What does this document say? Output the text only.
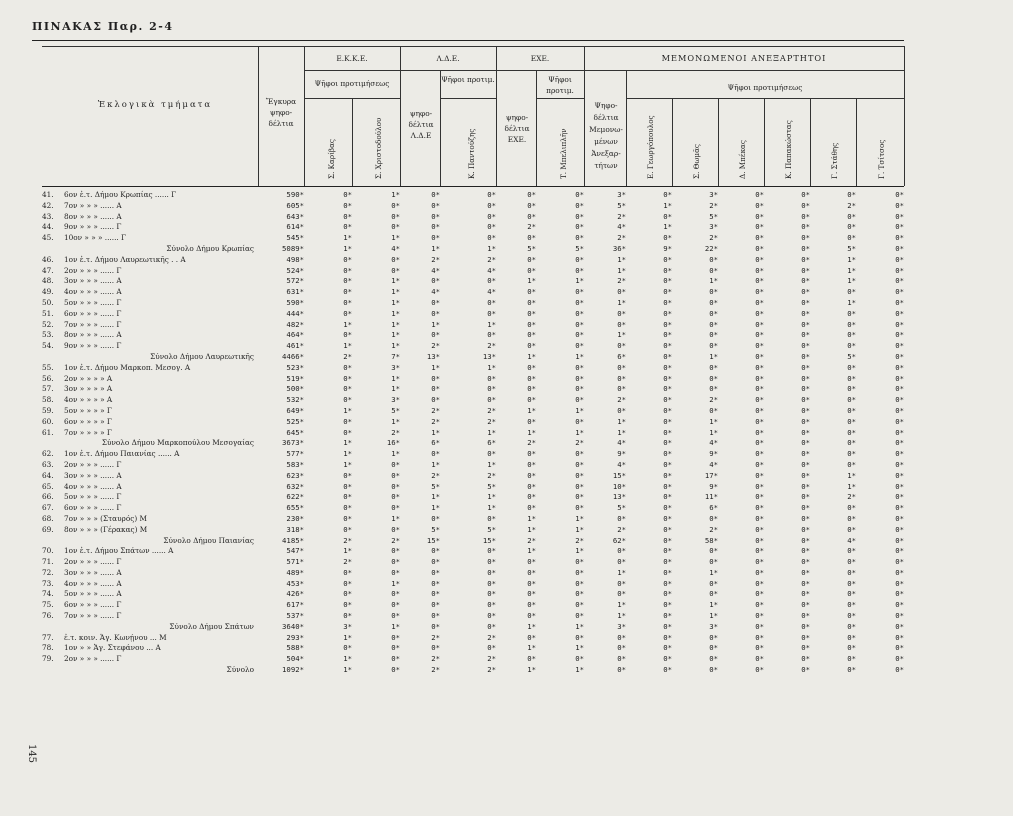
ΠΙΝΑΚΑΣ Παρ. 2-4
145
Ἐκλογικὰ τμήματα	Ἔγκυρα ψηφο-δέλτια
Ε.Κ.Κ.Ε.
Ψῆφοι προτιμήσεως
Σ. Καρίβας	Σ. Χριστοδούλου
Λ.Δ.Ε.
ψηφο-δέλτια Λ.Δ.Ε
Ψῆφοι προτιμ.
Κ. Παντούζης
ΕΧΕ.
ψηφο-δέλτια ΕΧΕ.
Ψῆφοι προτιμ.
Τ. Μπελιπλῆν
ΜΕΜΟΝΩΜΕΝΟΙ ΑΝΕΞΑΡΤΗΤΟΙ
Ψηφο-δέλτια Μεμονω-μένων Ἀνεξαρ-τήτων
Ψῆφοι προτιμήσεως
Ε. Γεωργόπουλος	Σ. Θωμᾶς	Δ. Μπέκας	Κ. Παπακώστας	Γ. Στάθης	Γ. Τσίτσος
41. 6ον ἐ.τ. Δήμου Κρωπίας ...... Γ	590*	0*	1*	0*	0*	0*	0*	3*	0*	3*	0*	0*	0*	0*
42. 7ον » » » ...... Α	605*	0*	0*	0*	0*	0*	0*	5*	1*	2*	0*	0*	2*	0*
43. 8ον » » » ...... Α	643*	0*	0*	0*	0*	0*	0*	2*	0*	5*	0*	0*	0*	0*
44. 9ον » » » ...... Γ	614*	0*	0*	0*	0*	2*	0*	4*	1*	3*	0*	0*	0*	0*
45. 10ον » » » ...... Γ	545*	1*	1*	0*	0*	0*	0*	2*	0*	2*	0*	0*	0*	0*
Σύνολο Δήμου Κρωπίας	5089*	1*	4*	1*	1*	5*	5*	36*	9*	22*	0*	0*	5*	0*
46. 1ον ἐ.τ. Δήμου Λαυρεωτικῆς . . Α	498*	0*	0*	2*	2*	0*	0*	1*	0*	0*	0*	0*	1*	0*
47. 2ον » » » ...... Γ	524*	0*	0*	4*	4*	0*	0*	1*	0*	0*	0*	0*	1*	0*
48. 3ον » » » ...... Α	572*	0*	1*	0*	0*	1*	1*	2*	0*	1*	0*	0*	1*	0*
49. 4ον » » » ...... Α	631*	0*	1*	4*	4*	0*	0*	0*	0*	0*	0*	0*	0*	0*
50. 5ον » » » ...... Γ	590*	0*	1*	0*	0*	0*	0*	1*	0*	0*	0*	0*	1*	0*
51. 6ον » » » ...... Γ	444*	0*	1*	0*	0*	0*	0*	0*	0*	0*	0*	0*	0*	0*
52. 7ον » » » ...... Γ	482*	1*	1*	1*	1*	0*	0*	0*	0*	0*	0*	0*	0*	0*
53. 8ον » » » ...... Α	464*	0*	1*	0*	0*	0*	0*	1*	0*	0*	0*	0*	0*	0*
54. 9ον » » » ...... Γ	461*	1*	1*	2*	2*	0*	0*	0*	0*	0*	0*	0*	0*	0*
Σύνολο Δήμου Λαυρεωτικῆς	4466*	2*	7*	13*	13*	1*	1*	6*	0*	1*	0*	0*	5*	0*
55. 1ον ἐ.τ. Δήμου Μαρκοπ. Μεσογ. Α	523*	0*	3*	1*	1*	0*	0*	0*	0*	0*	0*	0*	0*	0*
56. 2ον » » » » Α	519*	0*	1*	0*	0*	0*	0*	0*	0*	0*	0*	0*	0*	0*
57. 3ον » » » » Α	500*	0*	1*	0*	0*	0*	0*	0*	0*	0*	0*	0*	0*	0*
58. 4ον » » » » Α	532*	0*	3*	0*	0*	0*	0*	2*	0*	2*	0*	0*	0*	0*
59. 5ον » » » » Γ	649*	1*	5*	2*	2*	1*	1*	0*	0*	0*	0*	0*	0*	0*
60. 6ον » » » » Γ	525*	0*	1*	2*	2*	0*	0*	1*	0*	1*	0*	0*	0*	0*
61. 7ον » » » » Γ	645*	0*	2*	1*	1*	1*	1*	1*	0*	1*	0*	0*	0*	0*
Σύνολο Δήμου Μαρκοπούλου Μεσογαίας	3673*	1*	16*	6*	6*	2*	2*	4*	0*	4*	0*	0*	0*	0*
62. 1ον ἐ.τ. Δήμου Παιανίας ...... Α	577*	1*	1*	0*	0*	0*	0*	9*	0*	9*	0*	0*	0*	0*
63. 2ον » » » ...... Γ	583*	1*	0*	1*	1*	0*	0*	4*	0*	4*	0*	0*	0*	0*
64. 3ον » » » ...... Α	623*	0*	0*	2*	2*	0*	0*	15*	0*	17*	0*	0*	1*	0*
65. 4ον » » » ...... Α	632*	0*	0*	5*	5*	0*	0*	10*	0*	9*	0*	0*	1*	0*
66. 5ον » » » ...... Γ	622*	0*	0*	1*	1*	0*	0*	13*	0*	11*	0*	0*	2*	0*
67. 6ον » » » ...... Γ	655*	0*	0*	1*	1*	0*	0*	5*	0*	6*	0*	0*	0*	0*
68. 7ον » » » (Σταυρός) Μ	230*	0*	1*	0*	0*	1*	1*	0*	0*	0*	0*	0*	0*	0*
69. 8ον » » » (Γέρακας) Μ	318*	0*	0*	5*	5*	1*	1*	2*	0*	2*	0*	0*	0*	0*
Σύνολο Δήμου Παιανίας	4185*	2*	2*	15*	15*	2*	2*	62*	0*	58*	0*	0*	4*	0*
70. 1ον ἐ.τ. Δήμου Σπάτων ...... Α	547*	1*	0*	0*	0*	1*	1*	0*	0*	0*	0*	0*	0*	0*
71. 2ον » » » ...... Γ	571*	2*	0*	0*	0*	0*	0*	0*	0*	0*	0*	0*	0*	0*
72. 3ον » » » ...... Α	489*	0*	0*	0*	0*	0*	0*	1*	0*	1*	0*	0*	0*	0*
73. 4ον » » » ...... Α	453*	0*	1*	0*	0*	0*	0*	0*	0*	0*	0*	0*	0*	0*
74. 5ον » » » ...... Α	426*	0*	0*	0*	0*	0*	0*	0*	0*	0*	0*	0*	0*	0*
75. 6ον » » » ...... Γ	617*	0*	0*	0*	0*	0*	0*	1*	0*	1*	0*	0*	0*	0*
76. 7ον » » » ...... Γ	537*	0*	0*	0*	0*	0*	0*	1*	0*	1*	0*	0*	0*	0*
Σύνολο Δήμου Σπάτων	3640*	3*	1*	0*	0*	1*	1*	3*	0*	3*	0*	0*	0*	0*
77. ἐ.τ. κοιν. Ἁγ. Κωνῄνου ... Μ	293*	1*	0*	2*	2*	0*	0*	0*	0*	0*	0*	0*	0*	0*
78. 1ον » » Ἁγ. Στεφάνου ... Α	588*	0*	0*	0*	0*	1*	1*	0*	0*	0*	0*	0*	0*	0*
79. 2ον » » » ...... Γ	504*	1*	0*	2*	2*	0*	0*	0*	0*	0*	0*	0*	0*	0*
Σύνολο	1092*	1*	0*	2*	2*	1*	1*	0*	0*	0*	0*	0*	0*	0*
